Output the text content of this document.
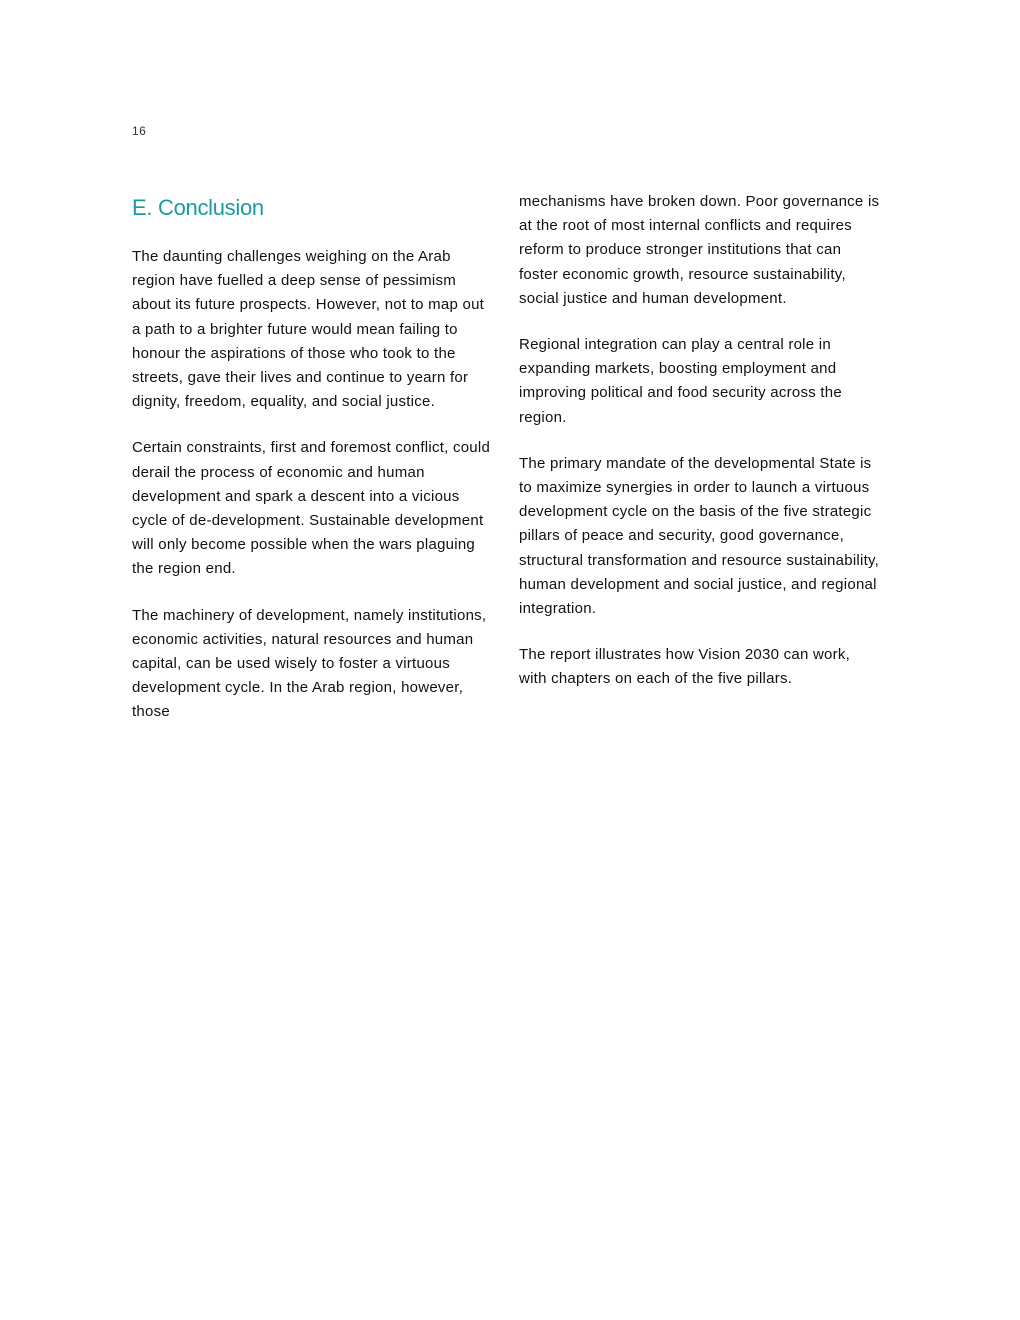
16
E. Conclusion

The daunting challenges weighing on the Arab region have fuelled a deep sense of pessimism about its future prospects. However, not to map out a path to a brighter future would mean failing to honour the aspirations of those who took to the streets, gave their lives and continue to yearn for dignity, freedom, equality, and social justice.

Certain constraints, first and foremost conflict, could derail the process of economic and human development and spark a descent into a vicious cycle of de-development. Sustainable development will only become possible when the wars plaguing the region end.

The machinery of development, namely institutions, economic activities, natural resources and human capital, can be used wisely to foster a virtuous development cycle. In the Arab region, however, those

mechanisms have broken down. Poor governance is at the root of most internal conflicts and requires reform to produce stronger institutions that can foster economic growth, resource sustainability, social justice and human development.

Regional integration can play a central role in expanding markets, boosting employment and improving political and food security across the region.

The primary mandate of the developmental State is to maximize synergies in order to launch a virtuous development cycle on the basis of the five strategic pillars of peace and security, good governance, structural transformation and resource sustainability, human development and social justice, and regional integration.

The report illustrates how Vision 2030 can work, with chapters on each of the five pillars.
